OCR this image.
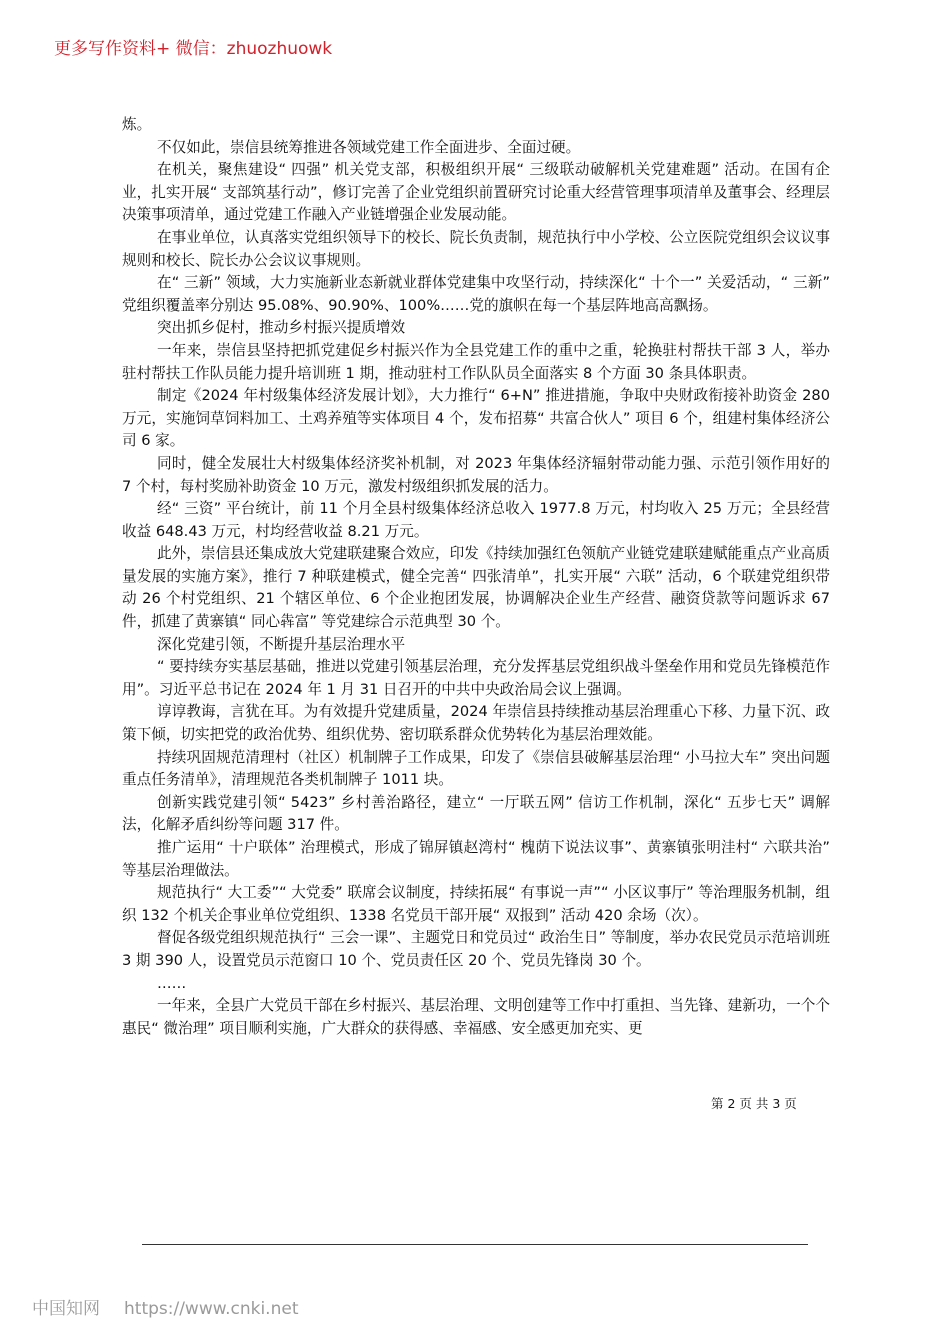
更多写作资料+ 微信：zhuozhuowk

炼。

不仅如此，崇信县统筹推进各领域党建工作全面进步、全面过硬。

在机关，聚焦建设“ 四强” 机关党支部，积极组织开展“ 三级联动破解机关党建难题” 活动。在国有企业，扎实开展“ 支部筑基行动”，修订完善了企业党组织前置研究讨论重大经营管理事项清单及董事会、经理层决策事项清单，通过党建工作融入产业链增强企业发展动能。

在事业单位，认真落实党组织领导下的校长、院长负责制，规范执行中小学校、公立医院党组织会议议事规则和校长、院长办公会议议事规则。

在“ 三新” 领域，大力实施新业态新就业群体党建集中攻坚行动，持续深化“ 十个一” 关爱活动，“ 三新” 党组织覆盖率分别达 95.08%、90.90%、100%……党的旗帜在每一个基层阵地高高飘扬。

突出抓乡促村，推动乡村振兴提质增效

一年来，崇信县坚持把抓党建促乡村振兴作为全县党建工作的重中之重，轮换驻村帮扶干部 3 人，举办驻村帮扶工作队员能力提升培训班 1 期，推动驻村工作队队员全面落实 8 个方面 30 条具体职责。

制定《2024 年村级集体经济发展计划》，大力推行“ 6+N” 推进措施，争取中央财政衔接补助资金 280 万元，实施饲草饲料加工、土鸡养殖等实体项目 4 个，发布招募“ 共富合伙人” 项目 6 个，组建村集体经济公司 6 家。

同时，健全发展壮大村级集体经济奖补机制，对 2023 年集体经济辐射带动能力强、示范引领作用好的 7 个村，每村奖励补助资金 10 万元，激发村级组织抓发展的活力。

经“ 三资” 平台统计，前 11 个月全县村级集体经济总收入 1977.8 万元，村均收入 25 万元；全县经营收益 648.43 万元，村均经营收益 8.21 万元。

此外，崇信县还集成放大党建联建聚合效应，印发《持续加强红色领航产业链党建联建赋能重点产业高质量发展的实施方案》，推行 7 种联建模式，健全完善“ 四张清单”，扎实开展“ 六联” 活动，6 个联建党组织带动 26 个村党组织、21 个辖区单位、6 个企业抱团发展，协调解决企业生产经营、融资贷款等问题诉求 67 件，抓建了黄寨镇“ 同心犇富” 等党建综合示范典型 30 个。

深化党建引领，不断提升基层治理水平

“ 要持续夯实基层基础，推进以党建引领基层治理，充分发挥基层党组织战斗堡垒作用和党员先锋模范作用”。习近平总书记在 2024 年 1 月 31 日召开的中共中央政治局会议上强调。

谆谆教诲，言犹在耳。为有效提升党建质量，2024 年崇信县持续推动基层治理重心下移、力量下沉、政策下倾，切实把党的政治优势、组织优势、密切联系群众优势转化为基层治理效能。

持续巩固规范清理村（社区）机制牌子工作成果，印发了《崇信县破解基层治理“ 小马拉大车” 突出问题重点任务清单》，清理规范各类机制牌子 1011 块。

创新实践党建引领“ 5423” 乡村善治路径，建立“ 一厅联五网” 信访工作机制，深化“ 五步七天” 调解法，化解矛盾纠纷等问题 317 件。

推广运用“ 十户联体” 治理模式，形成了锦屏镇赵湾村“ 槐荫下说法议事”、黄寨镇张明洼村“ 六联共治” 等基层治理做法。

规范执行“ 大工委”“ 大党委” 联席会议制度，持续拓展“ 有事说一声”“ 小区议事厅” 等治理服务机制，组织 132 个机关企事业单位党组织、1338 名党员干部开展“ 双报到” 活动 420 余场（次）。

督促各级党组织规范执行“ 三会一课”、主题党日和党员过“ 政治生日” 等制度，举办农民党员示范培训班 3 期 390 人，设置党员示范窗口 10 个、党员责任区 20 个、党员先锋岗 30 个。

……

一年来，全县广大党员干部在乡村振兴、基层治理、文明创建等工作中打重担、当先锋、建新功，一个个惠民“ 微治理” 项目顺利实施，广大群众的获得感、幸福感、安全感更加充实、更

第 2 页 共 3 页
中国知网 https://www.cnki.net
